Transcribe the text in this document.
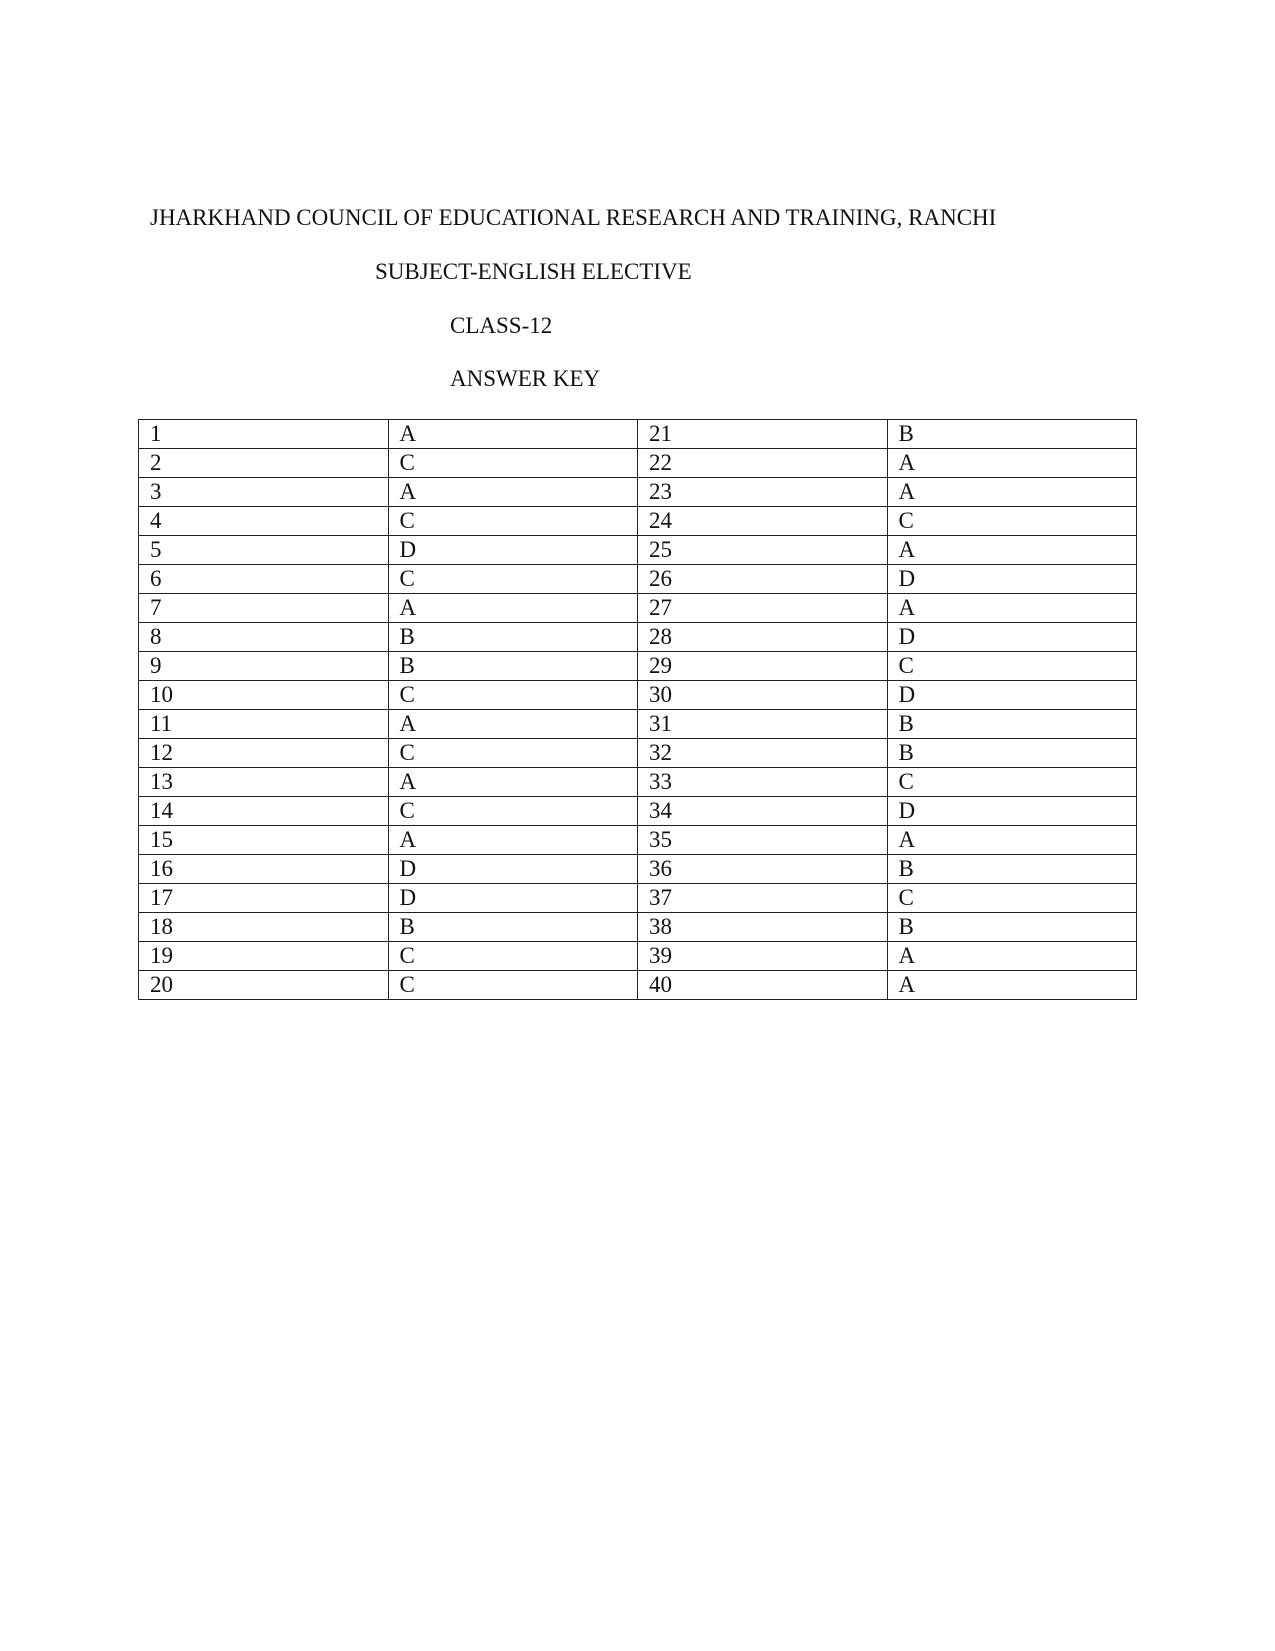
JHARKHAND COUNCIL OF EDUCATIONAL RESEARCH AND TRAINING, RANCHI
SUBJECT-ENGLISH ELECTIVE
CLASS-12
ANSWER KEY
1	A	21	B
2	C	22	A
3	A	23	A
4	C	24	C
5	D	25	A
6	C	26	D
7	A	27	A
8	B	28	D
9	B	29	C
10	C	30	D
11	A	31	B
12	C	32	B
13	A	33	C
14	C	34	D
15	A	35	A
16	D	36	B
17	D	37	C
18	B	38	B
19	C	39	A
20	C	40	A
